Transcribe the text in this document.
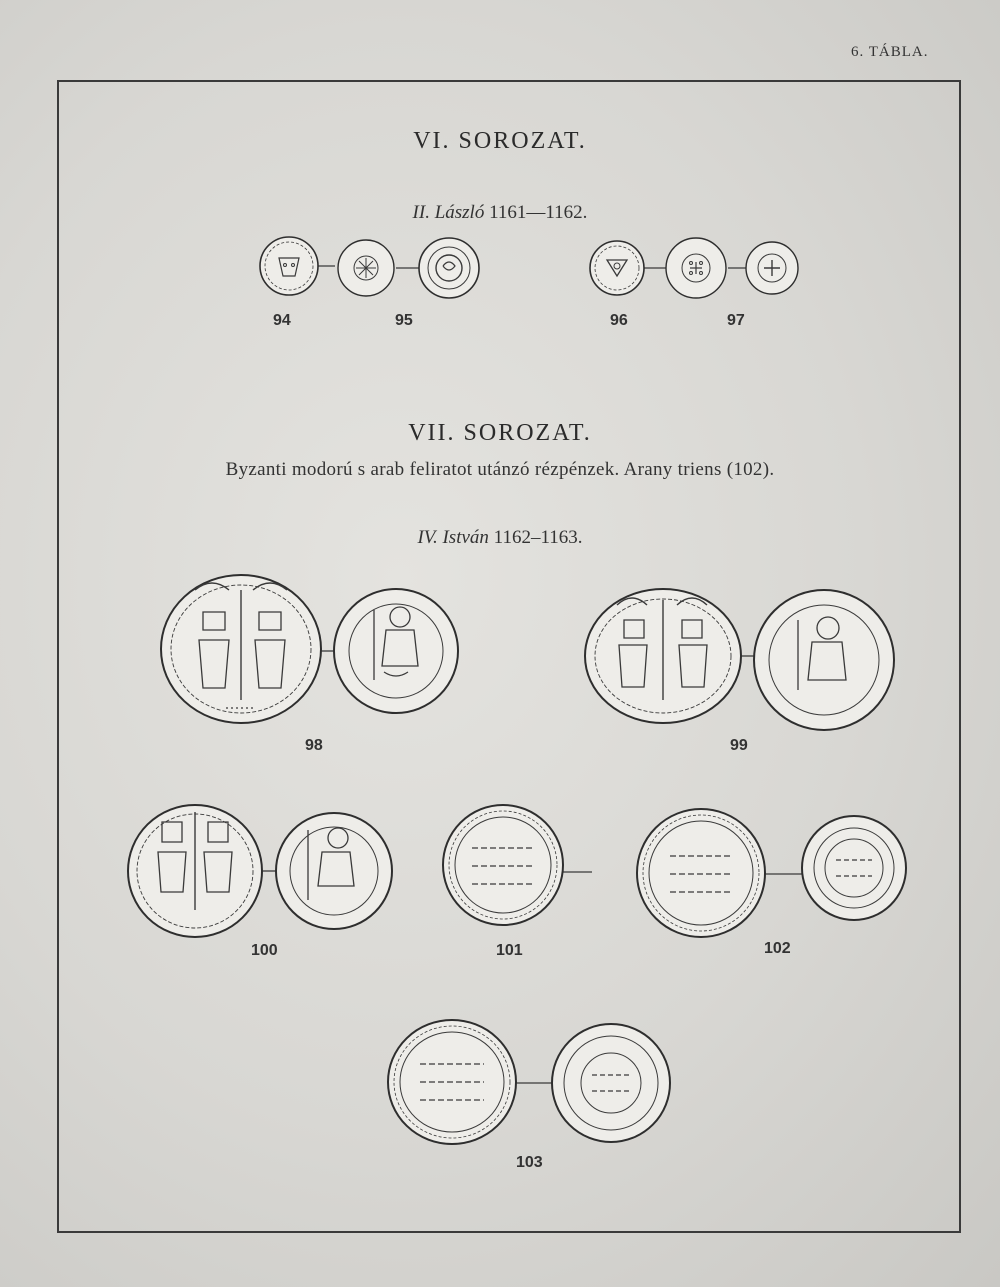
6. TÁBLA.
VI. SOROZAT.
II. László 1161—1162.
VII. SOROZAT.
Byzanti modorú s arab feliratot utánzó rézpénzek. Arany triens (102).
IV. István 1162–1163.
94	95	96	97
98	99
100	101	102
103
